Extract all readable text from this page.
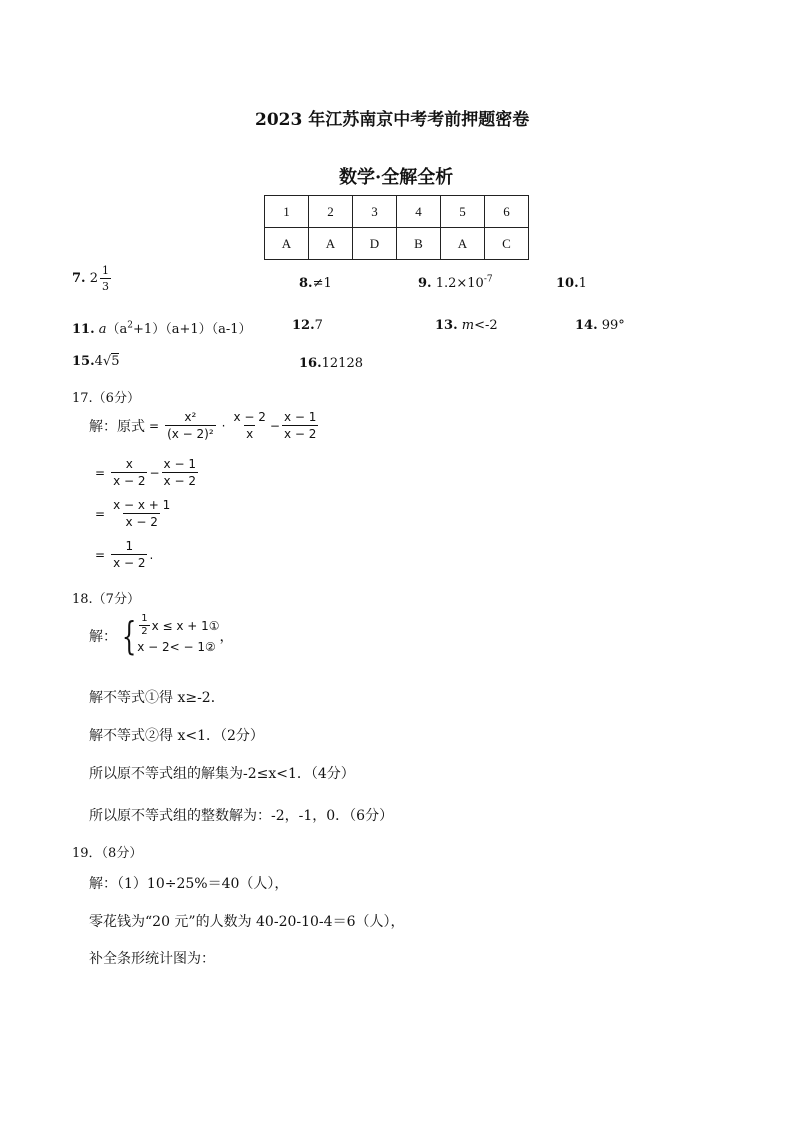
2023 年江苏南京中考考前押题密卷
数学·全解全析
1	2	3	4	5	6
A	A	D	B	A	C
7. $2 \frac{1}{3}$	8.≠1	9. $1.2\times 10^{-7}$	10.1
11. $a(a^2+1)(a+1)(a-1)$	12.7	13. m<-2	14. 99°
15.4√5	16.12128
17.（6分）
解：原式 = $\frac{\text{x²}}{\text{(x − 2)²}} \cdot \frac{x - 2}{x} - \frac{x - 1}{x - 2}$
= $\frac{x}{x - 2} - \frac{x - 1}{x - 2}$
= $\frac{x - x + 1}{x - 2}$
= $\frac{1}{x - 2}$ .
18.（7分）
解： { $\frac{1}{2}$ x ≤ x + 1①
x − 2< − 1②
，
解不等式①得 x≥-2．
解不等式②得 x<1．（2分）
所以原不等式组的解集为-2≤x<1．（4分）
所以原不等式组的整数解为：-2，-1，0．（6分）
19．（8分）
解：（1）10÷25%＝40（人），
零花钱为“20 元”的人数为 40-20-10-4＝6（人），
补全条形统计图为：
